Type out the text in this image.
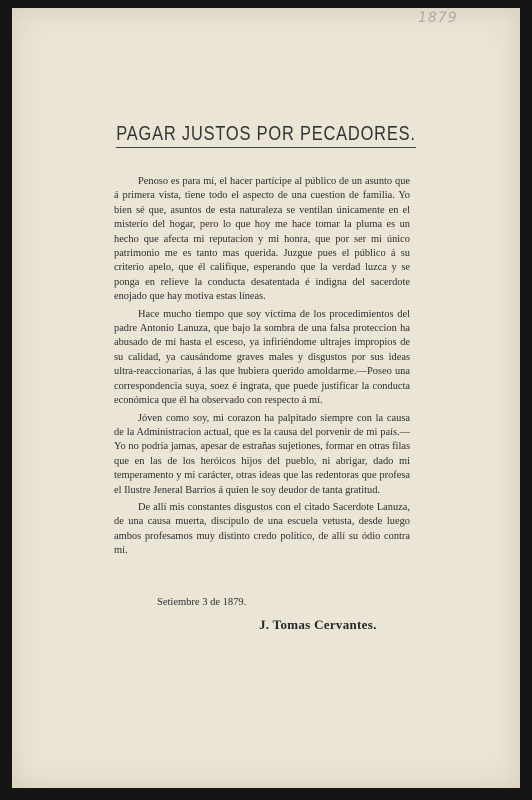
1879
PAGAR JUSTOS POR PECADORES.

Penoso es para mí, el hacer partícipe al público de un asunto que á primera vista, tiene todo el aspecto de una cuestion de familia. Yo bien sé que, asuntos de esta naturaleza se ventilan únicamente en el misterio del hogar, pero lo que hoy me hace tomar la pluma es un hecho que afecta mi reputacion y mi honra, que por ser mi único patrimonio me es tanto mas querida. Juzgue pues el público á su criterio apelo, que él califique, esperando que la verdad luzca y se ponga en relieve la conducta desatentada é indigna del sacerdote enojado que hay motiva estas líneas.

Hace mucho tiempo que soy víctima de los procedimientos del padre Antonio Lanuza, que bajo la sombra de una falsa proteccion ha abusado de mí hasta el esceso, ya infiriéndome ultrajes impropios de su calidad, ya causándome graves males y disgustos por sus ideas ultra-reaccionarias, á las que hubiera querido amoldarme.—Poseo una correspondencia suya, soez é ingrata, que puede justificar la conducta económica que él ha observado con respecto á mí.

Jóven como soy, mi corazon ha palpitado siempre con la causa de la Administracion actual, que es la causa del porvenir de mi país.—Yo no podria jamas, apesar de estrañas sujetiones, formar en otras filas que en las de los heróicos hijos del pueblo, ni abrigar, dado mi temperamento y mi carácter, otras ideas que las redentoras que profesa el Ilustre Jeneral Barrios á quien le soy deudor de tanta gratitud.

De allí mis constantes disgustos con el citado Sacerdote Lanuza, de una causa muerta, discípulo de una escuela vetusta, desde luego ambos profesamos muy distinto credo político, de allí su ódio contra mí.

Setiembre 3 de 1879.
J. Tomas Cervantes.
